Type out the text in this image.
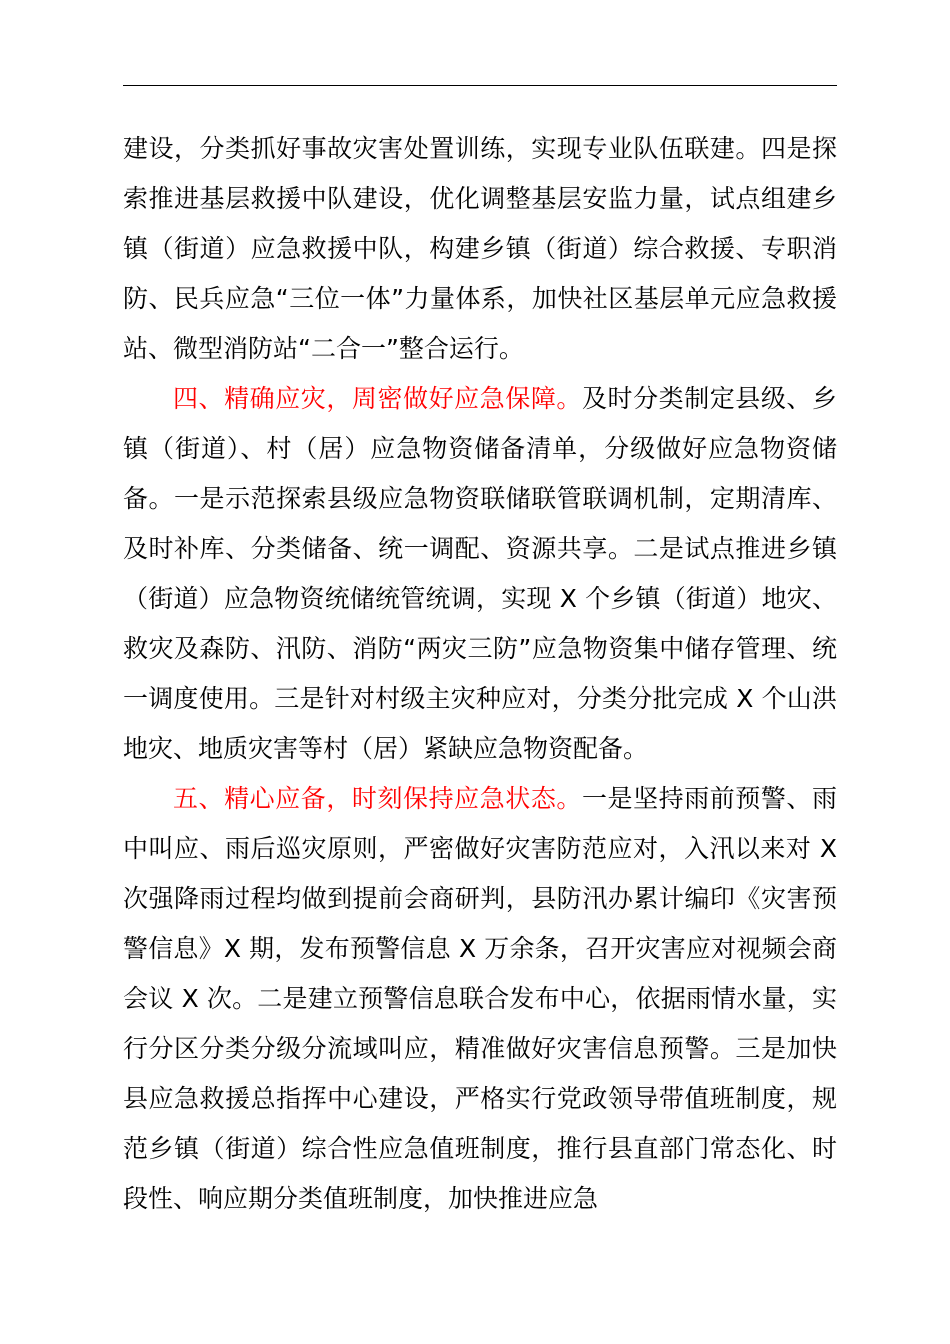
建设，分类抓好事故灾害处置训练，实现专业队伍联建。四是探索推进基层救援中队建设，优化调整基层安监力量，试点组建乡镇（街道）应急救援中队，构建乡镇（街道）综合救援、专职消防、民兵应急“三位一体”力量体系，加快社区基层单元应急救援站、微型消防站“二合一”整合运行。

四、精确应灾，周密做好应急保障。及时分类制定县级、乡镇（街道）、村（居）应急物资储备清单，分级做好应急物资储备。一是示范探索县级应急物资联储联管联调机制，定期清库、及时补库、分类储备、统一调配、资源共享。二是试点推进乡镇（街道）应急物资统储统管统调，实现 X 个乡镇（街道）地灾、救灾及森防、汛防、消防“两灾三防”应急物资集中储存管理、统一调度使用。三是针对村级主灾种应对，分类分批完成 X 个山洪地灾、地质灾害等村（居）紧缺应急物资配备。

五、精心应备，时刻保持应急状态。一是坚持雨前预警、雨中叫应、雨后巡灾原则，严密做好灾害防范应对，入汛以来对 X 次强降雨过程均做到提前会商研判，县防汛办累计编印《灾害预警信息》X 期，发布预警信息 X 万余条，召开灾害应对视频会商会议 X 次。二是建立预警信息联合发布中心，依据雨情水量，实行分区分类分级分流域叫应，精准做好灾害信息预警。三是加快县应急救援总指挥中心建设，严格实行党政领导带值班制度，规范乡镇（街道）综合性应急值班制度，推行县直部门常态化、时段性、响应期分类值班制度，加快推进应急
